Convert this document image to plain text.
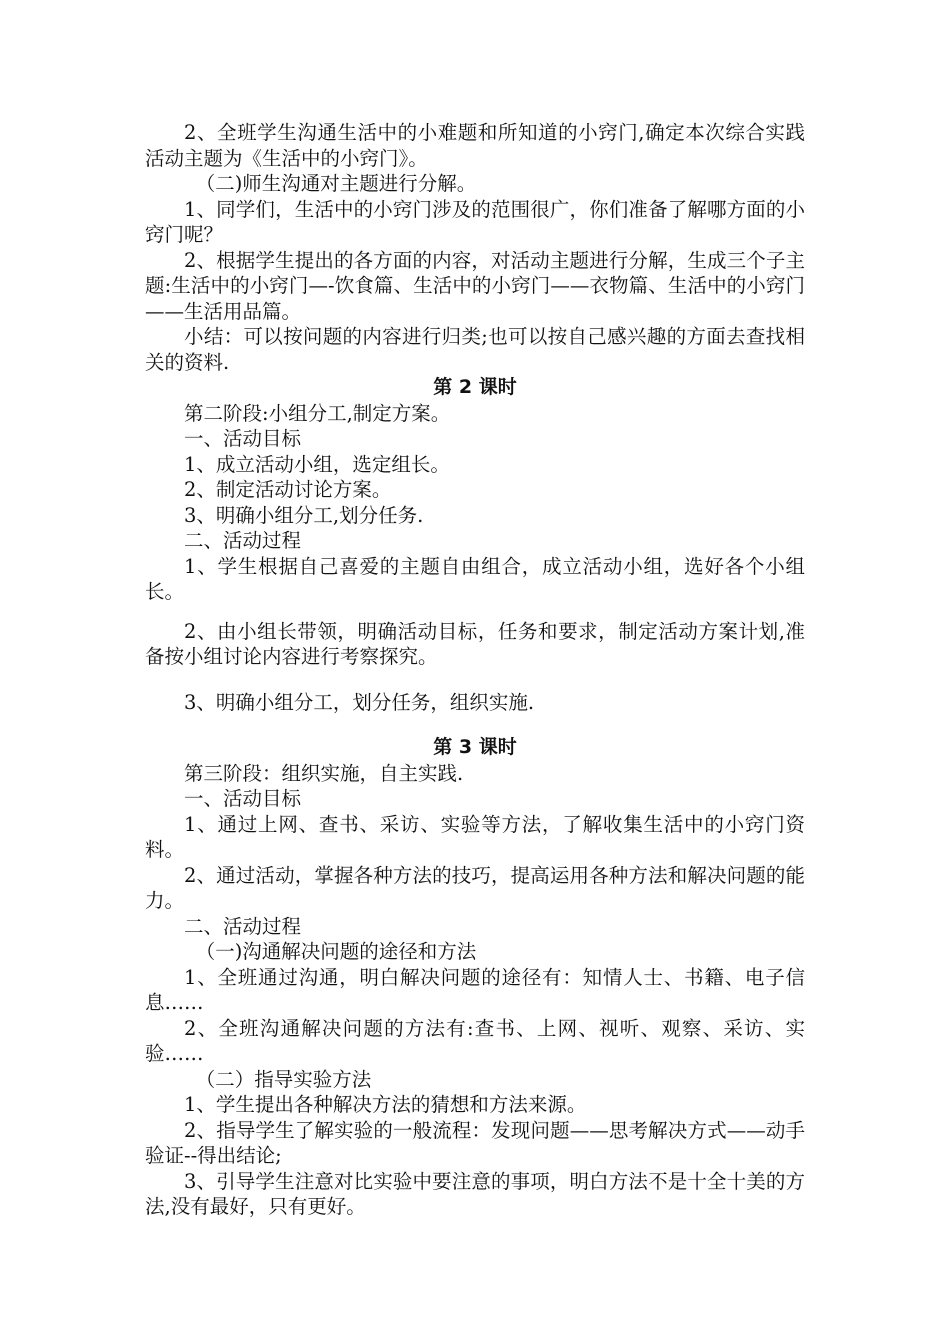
2、全班学生沟通生活中的小难题和所知道的小窍门,确定本次综合实践活动主题为《生活中的小窍门》。

（二)师生沟通对主题进行分解。

1、同学们，生活中的小窍门涉及的范围很广，你们准备了解哪方面的小窍门呢？

2、根据学生提出的各方面的内容，对活动主题进行分解，生成三个子主题:生活中的小窍门—-饮食篇、生活中的小窍门——衣物篇、生活中的小窍门——生活用品篇。

小结：可以按问题的内容进行归类;也可以按自己感兴趣的方面去查找相关的资料.

第 2 课时

第二阶段:小组分工,制定方案。

一、活动目标

1、成立活动小组，选定组长。

2、制定活动讨论方案。

3、明确小组分工,划分任务.

二、活动过程

1、学生根据自己喜爱的主题自由组合，成立活动小组，选好各个小组长。

2、由小组长带领，明确活动目标，任务和要求，制定活动方案计划,准备按小组讨论内容进行考察探究。

3、明确小组分工，划分任务，组织实施.

第 3 课时

第三阶段：组织实施，自主实践.

一、活动目标

1、通过上网、查书、采访、实验等方法，了解收集生活中的小窍门资料。

2、通过活动，掌握各种方法的技巧，提高运用各种方法和解决问题的能力。

二、活动过程

（一)沟通解决问题的途径和方法

1、全班通过沟通，明白解决问题的途径有：知情人士、书籍、电子信息……

2、全班沟通解决问题的方法有:查书、上网、视听、观察、采访、实验……

（二）指导实验方法

1、学生提出各种解决方法的猜想和方法来源。

2、指导学生了解实验的一般流程：发现问题——思考解决方式——动手验证--得出结论;

3、引导学生注意对比实验中要注意的事项，明白方法不是十全十美的方法,没有最好，只有更好。
